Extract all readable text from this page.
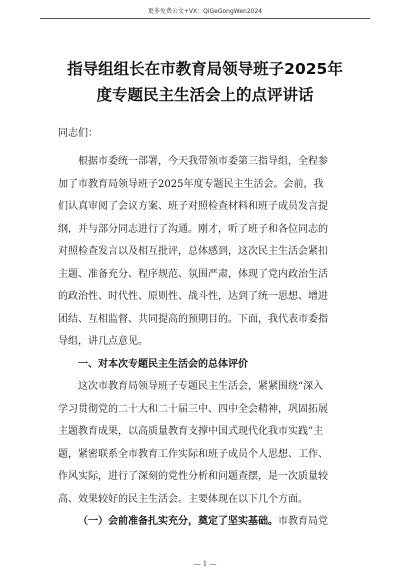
更多免费公文+VX：QiGeGongWen2024
指导组组长在市教育局领导班子2025年
度专题民主生活会上的点评讲话
同志们：
根据市委统一部署，今天我带领市委第三指导组，全程参
加了市教育局领导班子2025年度专题民主生活会。会前，我
们认真审阅了会议方案、班子对照检查材料和班子成员发言提
纲，并与部分同志进行了沟通。刚才，听了班子和各位同志的
对照检查发言以及相互批评，总体感到，这次民主生活会紧扣
主题、准备充分、程序规范、氛围严肃，体现了党内政治生活
的政治性、时代性、原则性、战斗性，达到了统一思想、增进
团结、互相监督、共同提高的预期目的。下面，我代表市委指
导组，讲几点意见。
一、对本次专题民主生活会的总体评价
这次市教育局领导班子专题民主生活会，紧紧围绕“深入
学习贯彻党的二十大和二十届三中、四中全会精神，巩固拓展
主题教育成果，以高质量教育支撑中国式现代化我市实践”主
题，紧密联系全市教育工作实际和班子成员个人思想、工作、
作风实际，进行了深刻的党性分析和问题查摆，是一次质量较
高、效果较好的民主生活会。主要体现在以下几个方面。
（一）会前准备扎实充分，奠定了坚实基础。市教育局党
— 1 —
